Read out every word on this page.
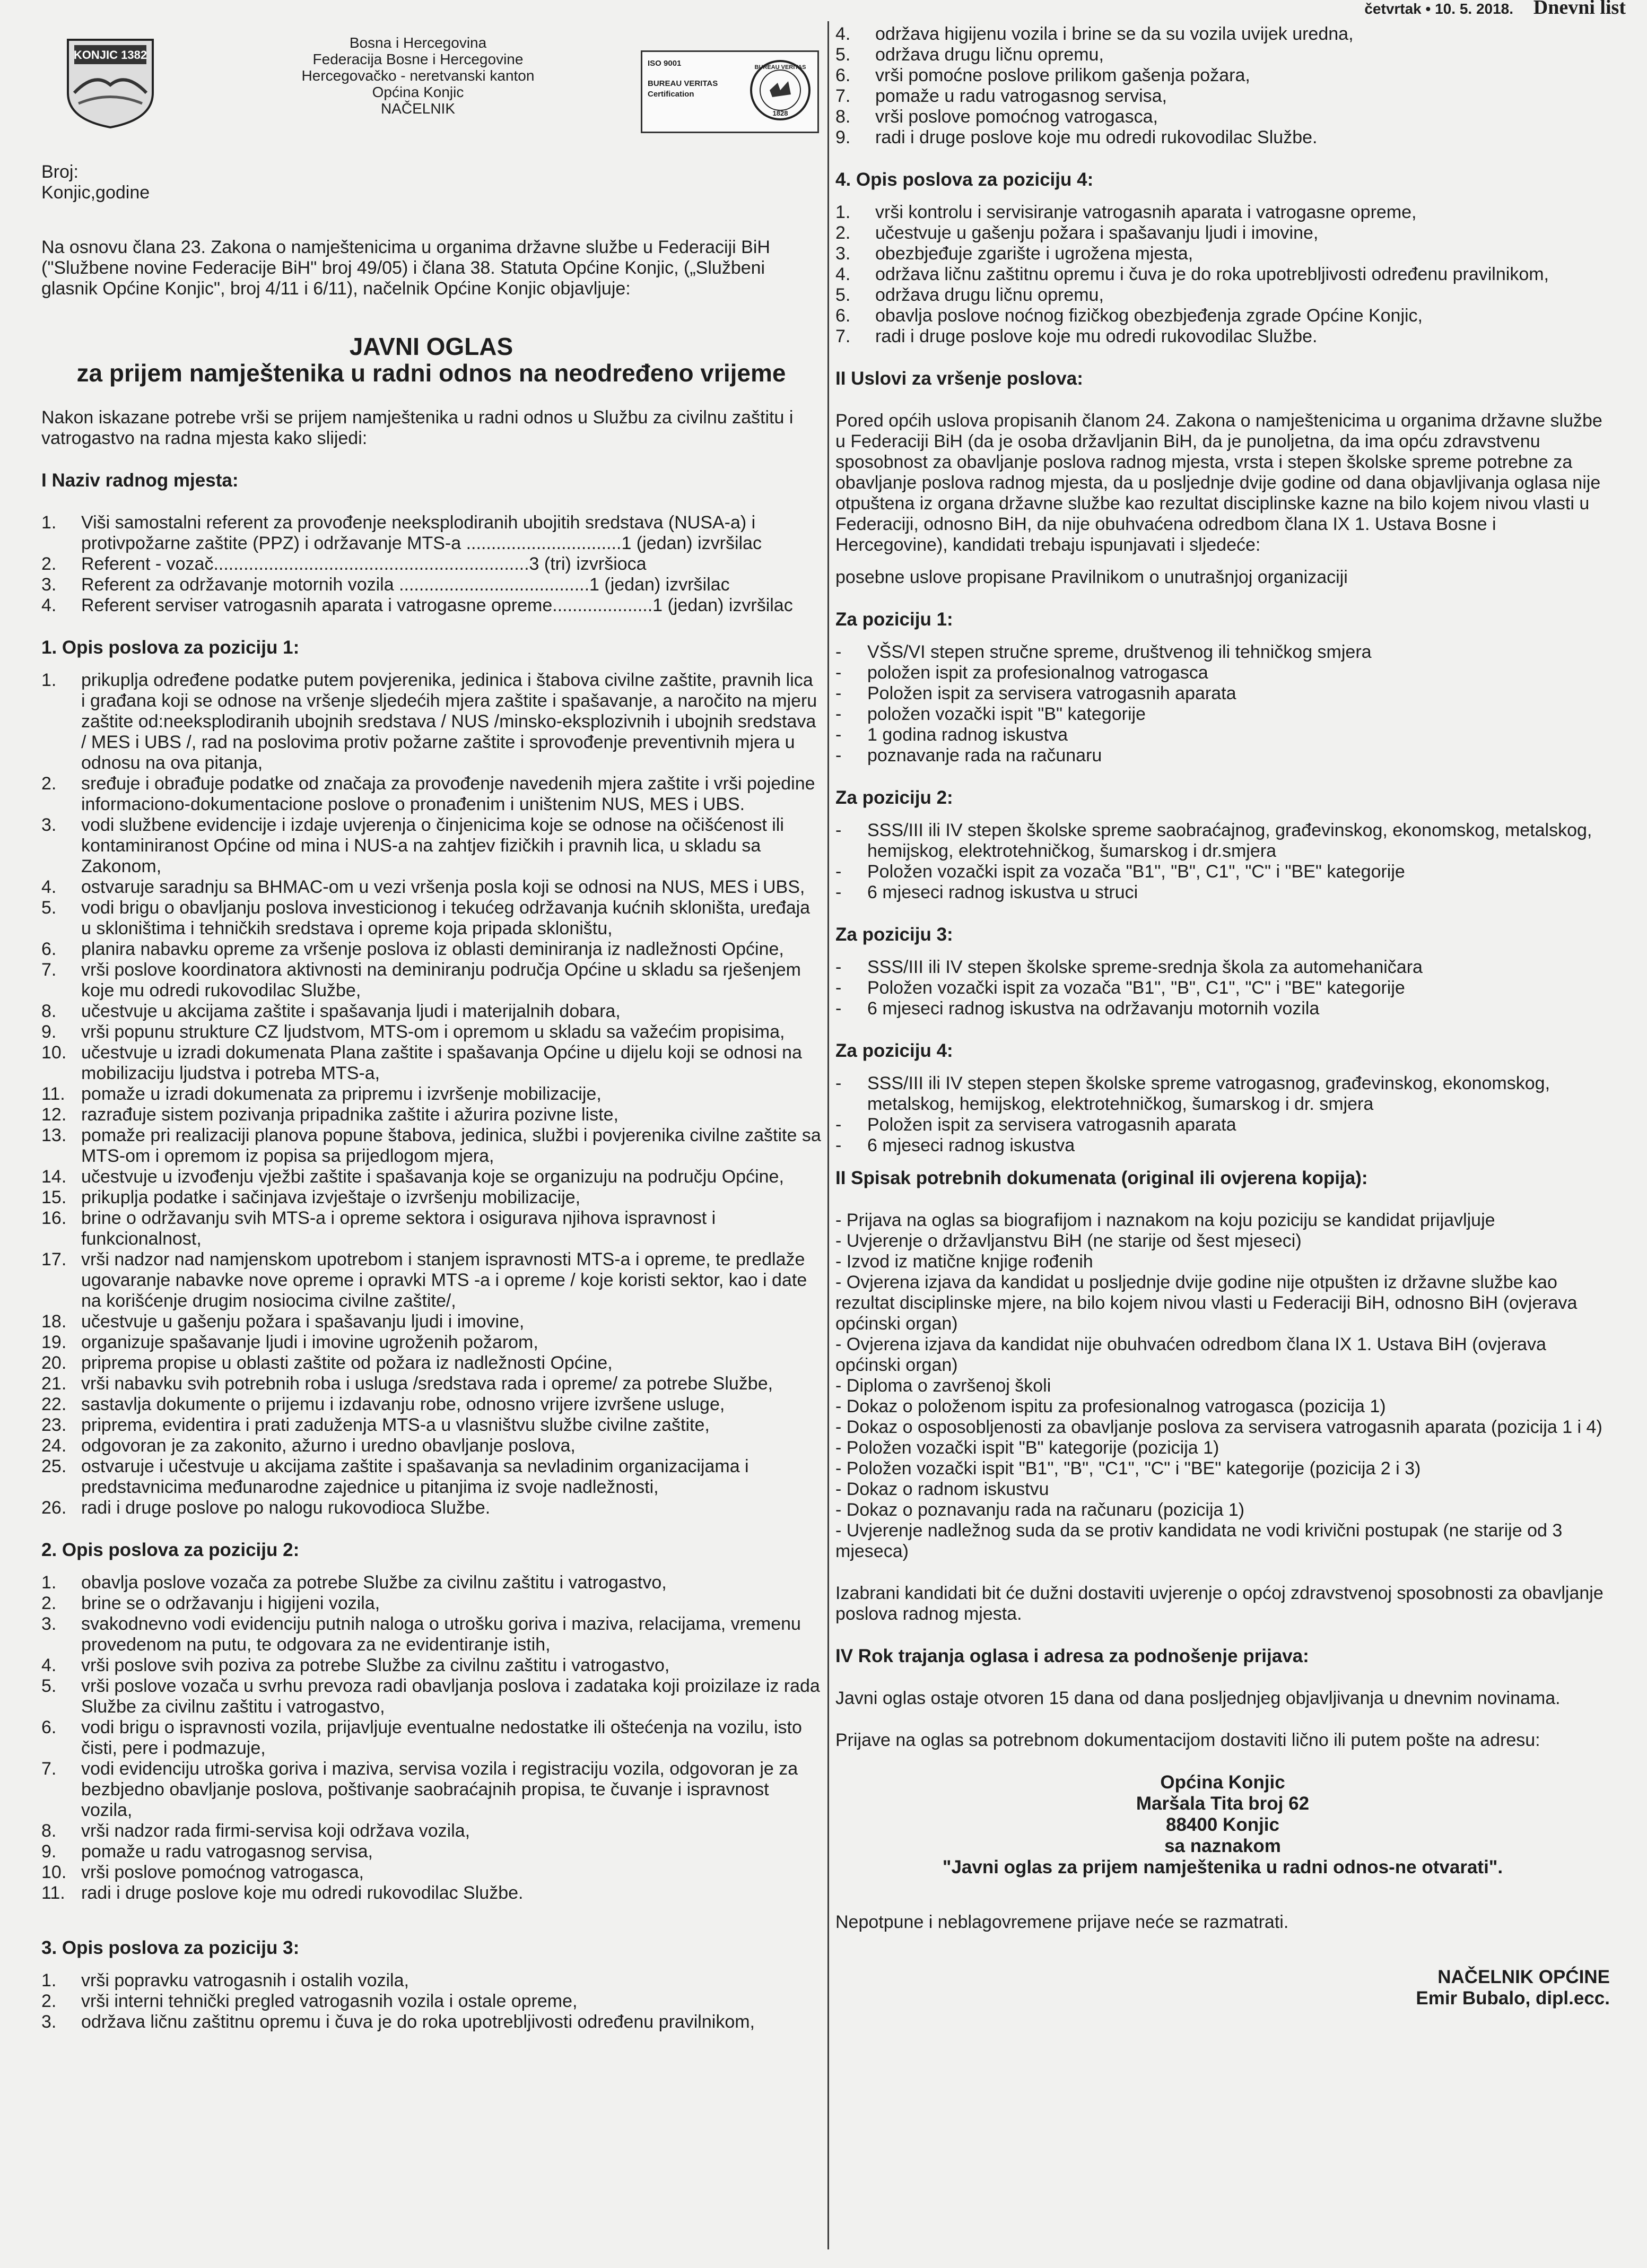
četvrtak • 10. 5. 2018. Dnevni list
KONJIC 1382
Bosna i Hercegovina
Federacija Bosne i Hercegovine
Hercegovačko - neretvanski kanton
Općina Konjic
NAČELNIK
ISO 9001
BUREAU VERITAS
Certification
BUREAU VERITAS
1828

Broj:

Konjic,godine

Na osnovu člana 23. Zakona o namještenicima u organima državne službe u Federaciji BiH ("Službene novine Federacije BiH" broj 49/05) i člana 38. Statuta Općine Konjic, („Službeni glasnik Općine Konjic", broj 4/11 i 6/11), načelnik Općine Konjic objavljuje:

JAVNI OGLAS

za prijem namještenika u radni odnos na neodređeno vrijeme

Nakon iskazane potrebe vrši se prijem namještenika u radni odnos u Službu za civilnu zaštitu i vatrogastvo na radna mjesta kako slijedi:

I Naziv radnog mjesta:

1.	Viši samostalni referent za provođenje neeksplodiranih ubojitih sredstava (NUSA-a) i protivpožarne zaštite (PPZ) i održavanje MTS-a ...............................1 (jedan) izvršilac
2.	Referent - vozač...............................................................3 (tri) izvršioca
3.	Referent za održavanje motornih vozila ......................................1 (jedan) izvršilac
4.	Referent serviser vatrogasnih aparata i vatrogasne opreme....................1 (jedan) izvršilac

1. Opis poslova za poziciju 1:

1.	prikuplja određene podatke putem povjerenika, jedinica i štabova civilne zaštite, pravnih lica i građana koji se odnose na vršenje sljedećih mjera zaštite i spašavanje, a naročito na mjeru zaštite od:neeksplodiranih ubojnih sredstava / NUS /minsko-eksplozivnih i ubojnih sredstava / MES i UBS /, rad na poslovima protiv požarne zaštite i sprovođenje preventivnih mjera u odnosu na ova pitanja,
2.	sređuje i obrađuje podatke od značaja za provođenje navedenih mjera zaštite i vrši pojedine informaciono-dokumentacione poslove o pronađenim i uništenim NUS, MES i UBS.
3.	vodi službene evidencije i izdaje uvjerenja o činjenicima koje se odnose na očišćenost ili kontaminiranost Općine od mina i NUS-a na zahtjev fizičkih i pravnih lica, u skladu sa Zakonom,
4.	ostvaruje saradnju sa BHMAC-om u vezi vršenja posla koji se odnosi na NUS, MES i UBS,
5.	vodi brigu o obavljanju poslova investicionog i tekućeg održavanja kućnih skloništa, uređaja u skloništima i tehničkih sredstava i opreme koja pripada skloništu,
6.	planira nabavku opreme za vršenje poslova iz oblasti deminiranja iz nadležnosti Općine,
7.	vrši poslove koordinatora aktivnosti na deminiranju područja Općine u skladu sa rješenjem koje mu odredi rukovodilac Službe,
8.	učestvuje u akcijama zaštite i spašavanja ljudi i materijalnih dobara,
9.	vrši popunu strukture CZ ljudstvom, MTS-om i opremom u skladu sa važećim propisima,
10. učestvuje u izradi dokumenata Plana zaštite i spašavanja Općine u dijelu koji se odnosi na mobilizaciju ljudstva i potreba MTS-a,
11. pomaže u izradi dokumenata za pripremu i izvršenje mobilizacije,
12. razrađuje sistem pozivanja pripadnika zaštite i ažurira pozivne liste,
13. pomaže pri realizaciji planova popune štabova, jedinica, službi i povjerenika civilne zaštite sa MTS-om i opremom iz popisa sa prijedlogom mjera,
14. učestvuje u izvođenju vježbi zaštite i spašavanja koje se organizuju na području Općine,
15. prikuplja podatke i sačinjava izvještaje o izvršenju mobilizacije,
16. brine o održavanju svih MTS-a i opreme sektora i osigurava njihova ispravnost i funkcionalnost,
17. vrši nadzor nad namjenskom upotrebom i stanjem ispravnosti MTS-a i opreme, te predlaže ugovaranje nabavke nove opreme i opravki MTS -a i opreme / koje koristi sektor, kao i date na korišćenje drugim nosiocima civilne zaštite/,
18. učestvuje u gašenju požara i spašavanju ljudi i imovine,
19. organizuje spašavanje ljudi i imovine ugroženih požarom,
20. priprema propise u oblasti zaštite od požara iz nadležnosti Općine,
21. vrši nabavku svih potrebnih roba i usluga /sredstava rada i opreme/ za potrebe Službe,
22. sastavlja dokumente o prijemu i izdavanju robe, odnosno vrijere izvršene usluge,
23. priprema, evidentira i prati zaduženja MTS-a u vlasništvu službe civilne zaštite,
24. odgovoran je za zakonito, ažurno i uredno obavljanje poslova,
25. ostvaruje i učestvuje u akcijama zaštite i spašavanja sa nevladinim organizacijama i predstavnicima međunarodne zajednice u pitanjima iz svoje nadležnosti,
26. radi i druge poslove po nalogu rukovodioca Službe.

2. Opis poslova za poziciju 2:

1.	obavlja poslove vozača za potrebe Službe za civilnu zaštitu i vatrogastvo,
2.	brine se o održavanju i higijeni vozila,
3.	svakodnevno vodi evidenciju putnih naloga o utrošku goriva i maziva, relacijama, vremenu provedenom na putu, te odgovara za ne evidentiranje istih,
4.	vrši poslove svih poziva za potrebe Službe za civilnu zaštitu i vatrogastvo,
5.	vrši poslove vozača u svrhu prevoza radi obavljanja poslova i zadataka koji proizilaze iz rada Službe za civilnu zaštitu i vatrogastvo,
6.	vodi brigu o ispravnosti vozila, prijavljuje eventualne nedostatke ili oštećenja na vozilu, isto čisti, pere i podmazuje,
7.	vodi evidenciju utroška goriva i maziva, servisa vozila i registraciju vozila, odgovoran je za bezbjedno obavljanje poslova, poštivanje saobraćajnih propisa, te čuvanje i ispravnost vozila,
8.	vrši nadzor rada firmi-servisa koji održava vozila,
9.	pomaže u radu vatrogasnog servisa,
10. vrši poslove pomoćnog vatrogasca,
11. radi i druge poslove koje mu odredi rukovodilac Službe.

3. Opis poslova za poziciju 3:

1.	vrši popravku vatrogasnih i ostalih vozila,
2.	vrši interni tehnički pregled vatrogasnih vozila i ostale opreme,
3.	održava ličnu zaštitnu opremu i čuva je do roka upotrebljivosti određenu pravilnikom,
4.	održava higijenu vozila i brine se da su vozila uvijek uredna,
5.	održava drugu ličnu opremu,
6.	vrši pomoćne poslove prilikom gašenja požara,
7.	pomaže u radu vatrogasnog servisa,
8.	vrši poslove pomoćnog vatrogasca,
9.	radi i druge poslove koje mu odredi rukovodilac Službe.

4. Opis poslova za poziciju 4:

1.	vrši kontrolu i servisiranje vatrogasnih aparata i vatrogasne opreme,
2.	učestvuje u gašenju požara i spašavanju ljudi i imovine,
3.	obezbjeđuje zgarište i ugrožena mjesta,
4.	održava ličnu zaštitnu opremu i čuva je do roka upotrebljivosti određenu pravilnikom,
5.	održava drugu ličnu opremu,
6.	obavlja poslove noćnog fizičkog obezbjeđenja zgrade Općine Konjic,
7.	radi i druge poslove koje mu odredi rukovodilac Službe.

II Uslovi za vršenje poslova:

Pored općih uslova propisanih članom 24. Zakona o namještenicima u organima državne službe u Federaciji BiH (da je osoba državljanin BiH, da je punoljetna, da ima opću zdravstvenu sposobnost za obavljanje poslova radnog mjesta, vrsta i stepen školske spreme potrebne za obavljanje poslova radnog mjesta, da u posljednje dvije godine od dana objavljivanja oglasa nije otpuštena iz organa državne službe kao rezultat disciplinske kazne na bilo kojem nivou vlasti u Federaciji, odnosno BiH, da nije obuhvaćena odredbom člana IX 1. Ustava Bosne i Hercegovine), kandidati trebaju ispunjavati i sljedeće:

posebne uslove propisane Pravilnikom o unutrašnjoj organizaciji

Za poziciju 1:

-	VŠS/VI stepen stručne spreme, društvenog ili tehničkog smjera
-	položen ispit za profesionalnog vatrogasca
-	Položen ispit za servisera vatrogasnih aparata
-	položen vozački ispit "B" kategorije
-	1 godina radnog iskustva
-	poznavanje rada na računaru

Za poziciju 2:

-	SSS/III ili IV stepen školske spreme saobraćajnog, građevinskog, ekonomskog, metalskog, hemijskog, elektrotehničkog, šumarskog i dr.smjera
-	Položen vozački ispit za vozača "B1", "B", C1", "C" i "BE" kategorije
-	6 mjeseci radnog iskustva u struci

Za poziciju 3:

-	SSS/III ili IV stepen školske spreme-srednja škola za automehaničara
-	Položen vozački ispit za vozača "B1", "B", C1", "C" i "BE" kategorije
-	6 mjeseci radnog iskustva na održavanju motornih vozila

Za poziciju 4:

-	SSS/III ili IV stepen stepen školske spreme vatrogasnog, građevinskog, ekonomskog, metalskog, hemijskog, elektrotehničkog, šumarskog i dr. smjera
-	Položen ispit za servisera vatrogasnih aparata
-	6 mjeseci radnog iskustva

II Spisak potrebnih dokumenata (original ili ovjerena kopija):

- Prijava na oglas sa biografijom i naznakom na koju poziciju se kandidat prijavljuje

- Uvjerenje o državljanstvu BiH (ne starije od šest mjeseci)

- Izvod iz matične knjige rođenih

- Ovjerena izjava da kandidat u posljednje dvije godine nije otpušten iz državne službe kao rezultat disciplinske mjere, na bilo kojem nivou vlasti u Federaciji BiH, odnosno BiH (ovjerava općinski organ)

- Ovjerena izjava da kandidat nije obuhvaćen odredbom člana IX 1. Ustava BiH (ovjerava općinski organ)

- Diploma o završenoj školi

- Dokaz o položenom ispitu za profesionalnog vatrogasca (pozicija 1)

- Dokaz o osposobljenosti za obavljanje poslova za servisera vatrogasnih aparata (pozicija 1 i 4)

- Položen vozački ispit "B" kategorije (pozicija 1)

- Položen vozački ispit "B1", "B", "C1", "C" i "BE" kategorije (pozicija 2 i 3)

- Dokaz o radnom iskustvu

- Dokaz o poznavanju rada na računaru (pozicija 1)

- Uvjerenje nadležnog suda da se protiv kandidata ne vodi krivični postupak (ne starije od 3 mjeseca)

Izabrani kandidati bit će dužni dostaviti uvjerenje o općoj zdravstvenoj sposobnosti za obavljanje poslova radnog mjesta.

IV Rok trajanja oglasa i adresa za podnošenje prijava:

Javni oglas ostaje otvoren 15 dana od dana posljednjeg objavljivanja u dnevnim novinama.

Prijave na oglas sa potrebnom dokumentacijom dostaviti lično ili putem pošte na adresu:

Općina Konjic

Maršala Tita broj 62

88400 Konjic

sa naznakom

"Javni oglas za prijem namještenika u radni odnos-ne otvarati".

Nepotpune i neblagovremene prijave neće se razmatrati.

NAČELNIK OPĆINE

Emir Bubalo, dipl.ecc.
